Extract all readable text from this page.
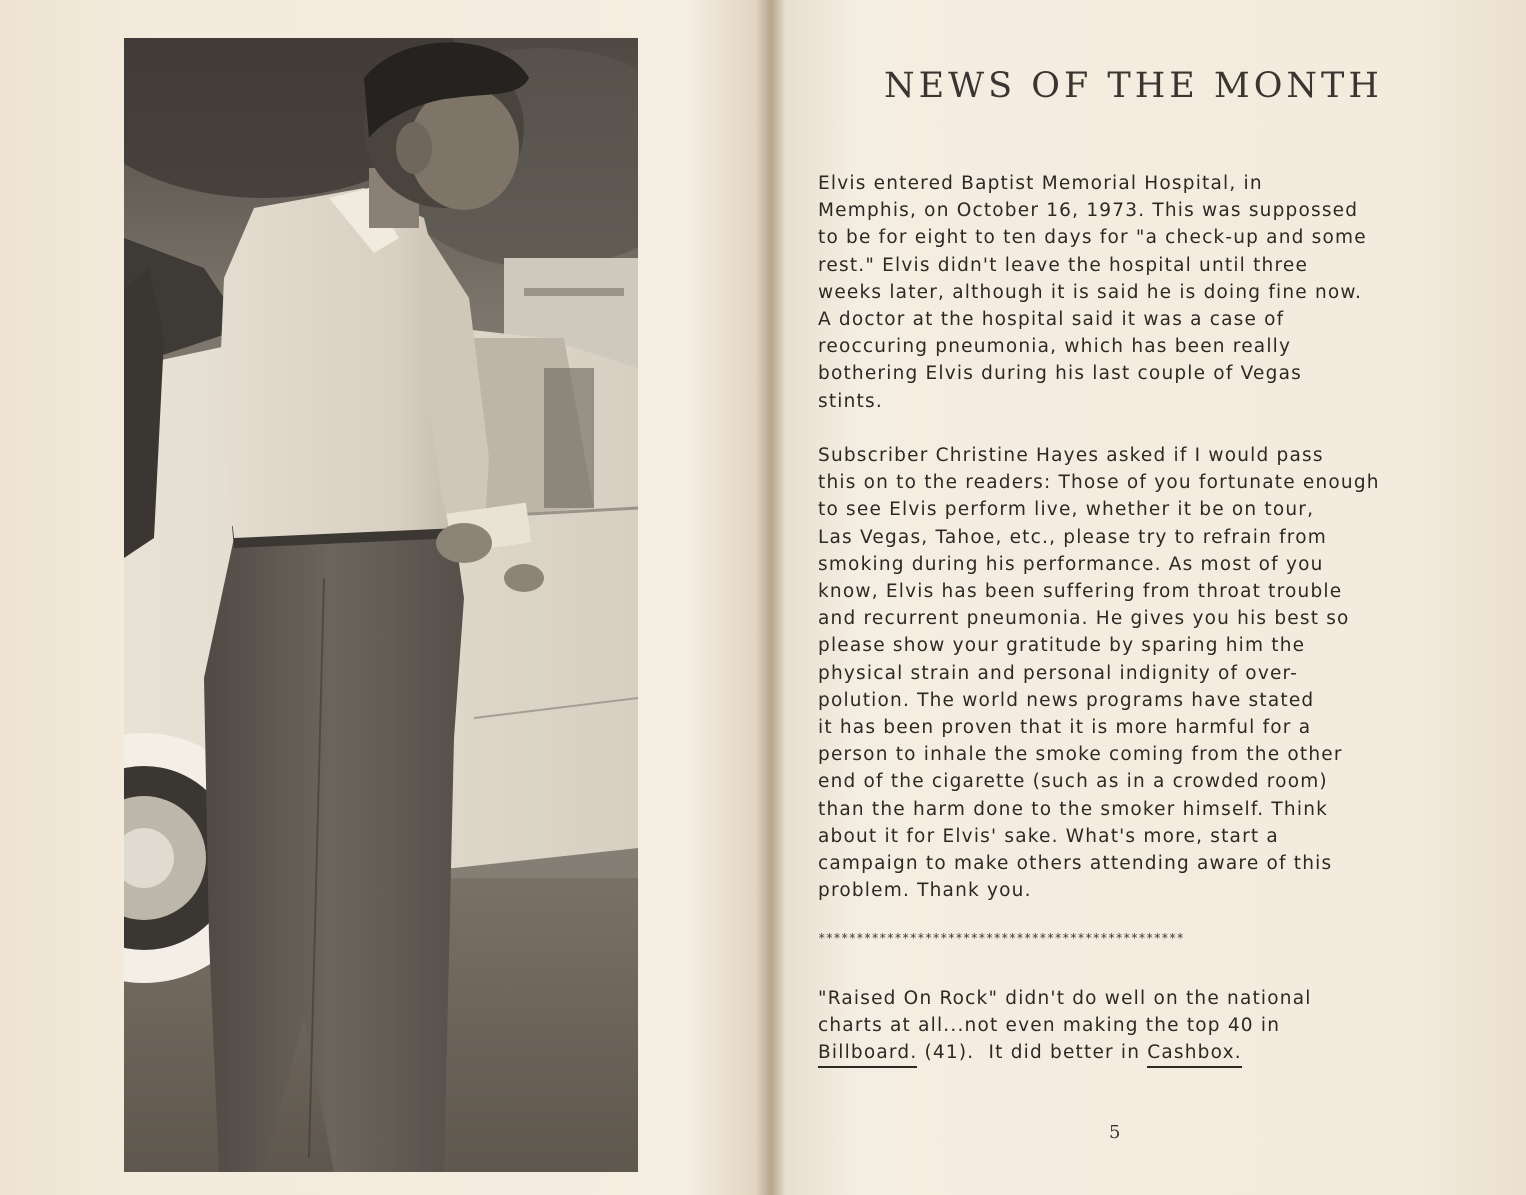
NEWS OF THE MONTH
Elvis entered Baptist Memorial Hospital, in
Memphis, on October 16, 1973. This was suppossed
to be for eight to ten days for "a check-up and some
rest." Elvis didn't leave the hospital until three
weeks later, although it is said he is doing fine now.
A doctor at the hospital said it was a case of
reoccuring pneumonia, which has been really
bothering Elvis during his last couple of Vegas
stints.
Subscriber Christine Hayes asked if I would pass
this on to the readers: Those of you fortunate enough
to see Elvis perform live, whether it be on tour,
Las Vegas, Tahoe, etc., please try to refrain from
smoking during his performance. As most of you
know, Elvis has been suffering from throat trouble
and recurrent pneumonia. He gives you his best so
please show your gratitude by sparing him the
physical strain and personal indignity of over-
polution. The world news programs have stated
it has been proven that it is more harmful for a
person to inhale the smoke coming from the other
end of the cigarette (such as in a crowded room)
than the harm done to the smoker himself. Think
about it for Elvis' sake. What's more, start a
campaign to make others attending aware of this
problem. Thank you.
************************************************
"Raised On Rock" didn't do well on the national
charts at all...not even making the top 40 in
Billboard. (41).  It did better in Cashbox.
5
